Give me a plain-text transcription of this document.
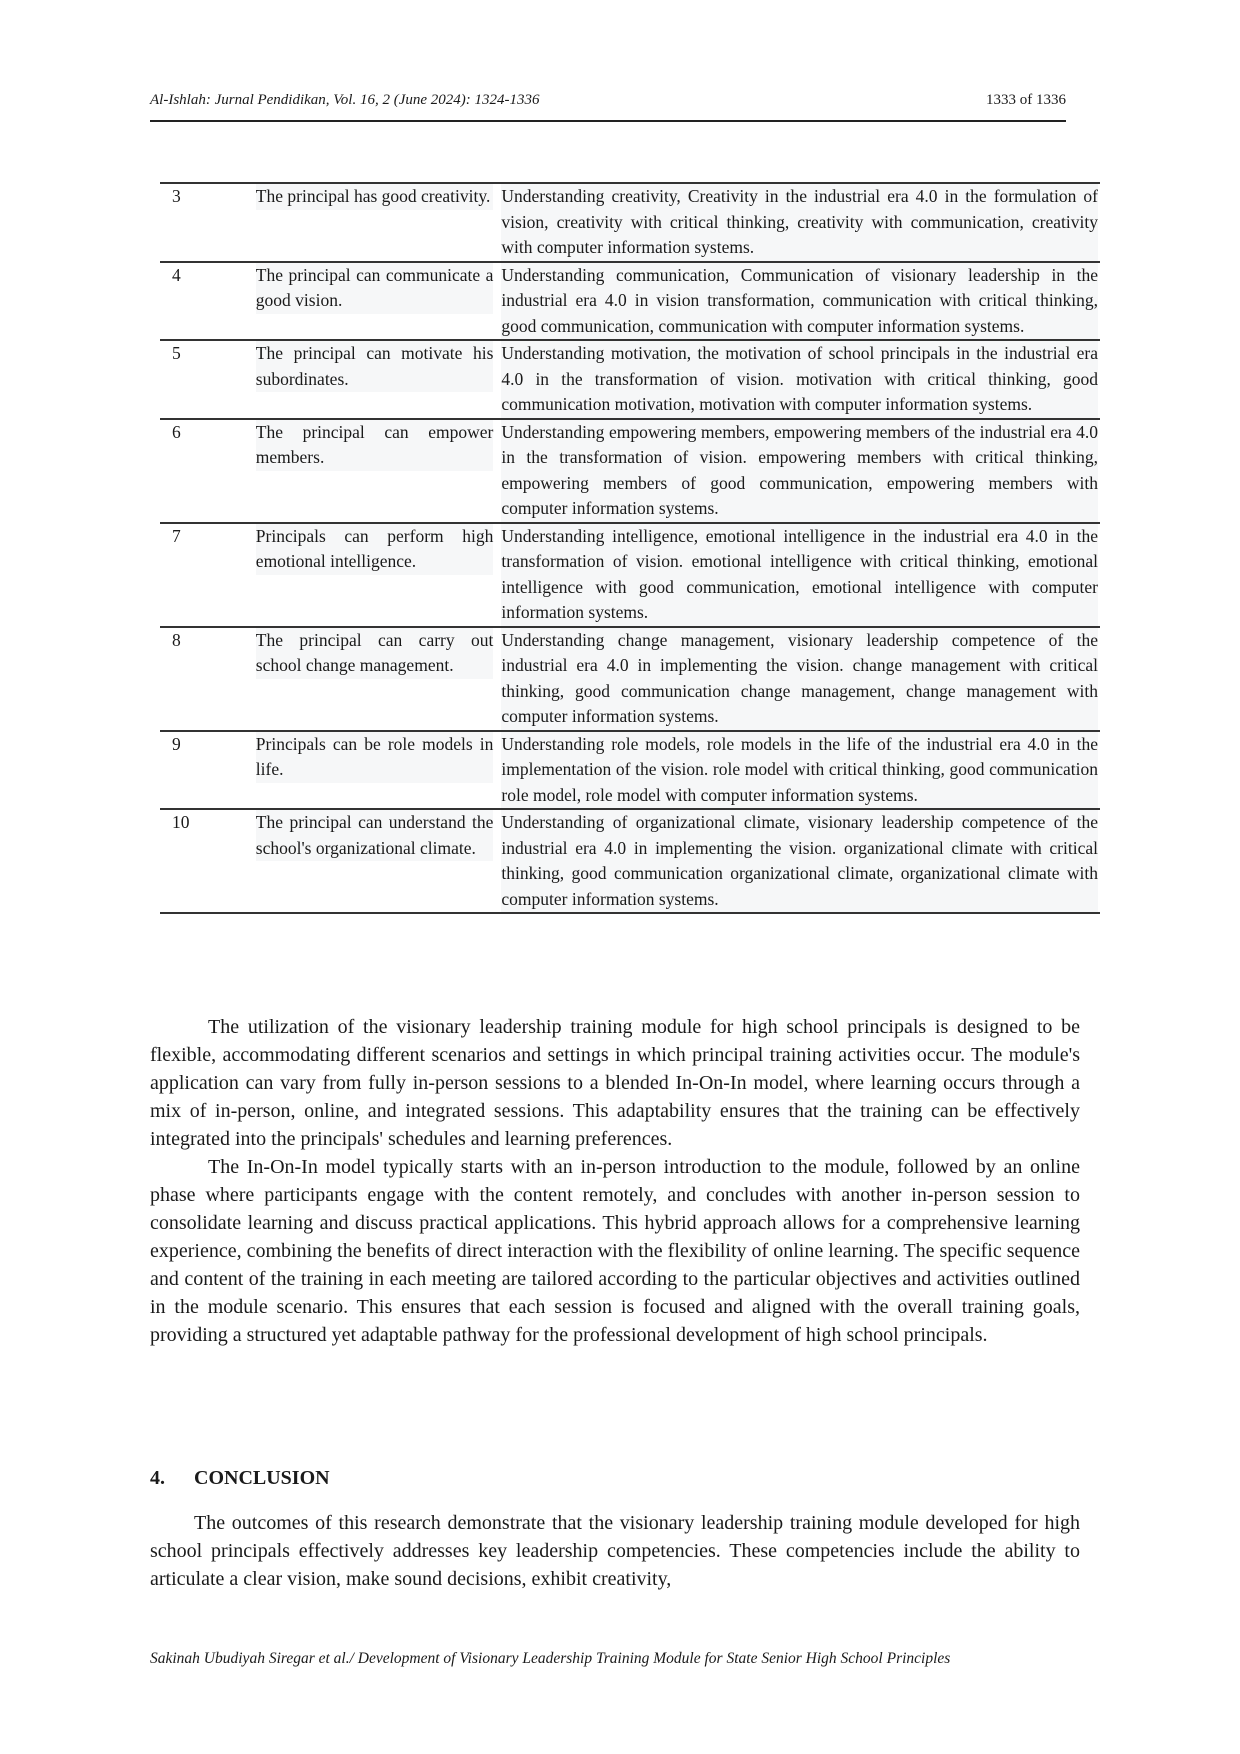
Al-Ishlah: Jurnal Pendidikan, Vol. 16, 2 (June 2024): 1324-1336	1333 of 1336
3	The principal has good creativity.	Understanding creativity, Creativity in the industrial era 4.0 in the formulation of vision, creativity with critical thinking, creativity with communication, creativity with computer information systems.

4	The principal can communicate a good vision.	Understanding communication, Communication of visionary leadership in the industrial era 4.0 in vision transformation, communication with critical thinking, good communication, communication with computer information systems.

5	The principal can motivate his subordinates.	Understanding motivation, the motivation of school principals in the industrial era 4.0 in the transformation of vision. motivation with critical thinking, good communication motivation, motivation with computer information systems.

6	The principal can empower members.	Understanding empowering members, empowering members of the industrial era 4.0 in the transformation of vision. empowering members with critical thinking, empowering members of good communication, empowering members with computer information systems.

7	Principals can perform high emotional intelligence.	Understanding intelligence, emotional intelligence in the industrial era 4.0 in the transformation of vision. emotional intelligence with critical thinking, emotional intelligence with good communication, emotional intelligence with computer information systems.

8	The principal can carry out school change management.	Understanding change management, visionary leadership competence of the industrial era 4.0 in implementing the vision. change management with critical thinking, good communication change management, change management with computer information systems.

9	Principals can be role models in life.	Understanding role models, role models in the life of the industrial era 4.0 in the implementation of the vision. role model with critical thinking, good communication role model, role model with computer information systems.

10	The principal can understand the school's organizational climate.	Understanding of organizational climate, visionary leadership competence of the industrial era 4.0 in implementing the vision. organizational climate with critical thinking, good communication organizational climate, organizational climate with computer information systems.

The utilization of the visionary leadership training module for high school principals is designed to be flexible, accommodating different scenarios and settings in which principal training activities occur. The module's application can vary from fully in-person sessions to a blended In-On-In model, where learning occurs through a mix of in-person, online, and integrated sessions. This adaptability ensures that the training can be effectively integrated into the principals' schedules and learning preferences.

The In-On-In model typically starts with an in-person introduction to the module, followed by an online phase where participants engage with the content remotely, and concludes with another in-person session to consolidate learning and discuss practical applications. This hybrid approach allows for a comprehensive learning experience, combining the benefits of direct interaction with the flexibility of online learning. The specific sequence and content of the training in each meeting are tailored according to the particular objectives and activities outlined in the module scenario. This ensures that each session is focused and aligned with the overall training goals, providing a structured yet adaptable pathway for the professional development of high school principals.

4. CONCLUSION

The outcomes of this research demonstrate that the visionary leadership training module developed for high school principals effectively addresses key leadership competencies. These competencies include the ability to articulate a clear vision, make sound decisions, exhibit creativity,

Sakinah Ubudiyah Siregar et al./ Development of Visionary Leadership Training Module for State Senior High School Principles
